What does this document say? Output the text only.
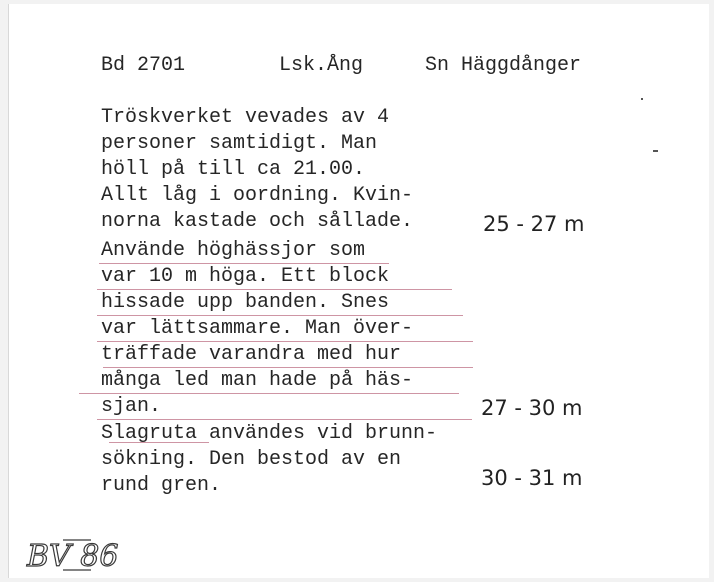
Bd 2701	Lsk.Ång	Sn Häggdånger
Tröskverket vevades av 4
personer samtidigt. Man
höll på till ca 21.00.
Allt låg i oordning. Kvin-
norna kastade och sållade.
Använde höghässjor som
var 10 m höga. Ett block
hissade upp banden. Snes
var lättsammare. Man över-
träffade varandra med hur
många led man hade på häs-
sjan.
Slagruta användes vid brunn-
sökning. Den bestod av en
rund gren.
25 - 27 m
27 - 30 m
30 - 31 m
BV 86
